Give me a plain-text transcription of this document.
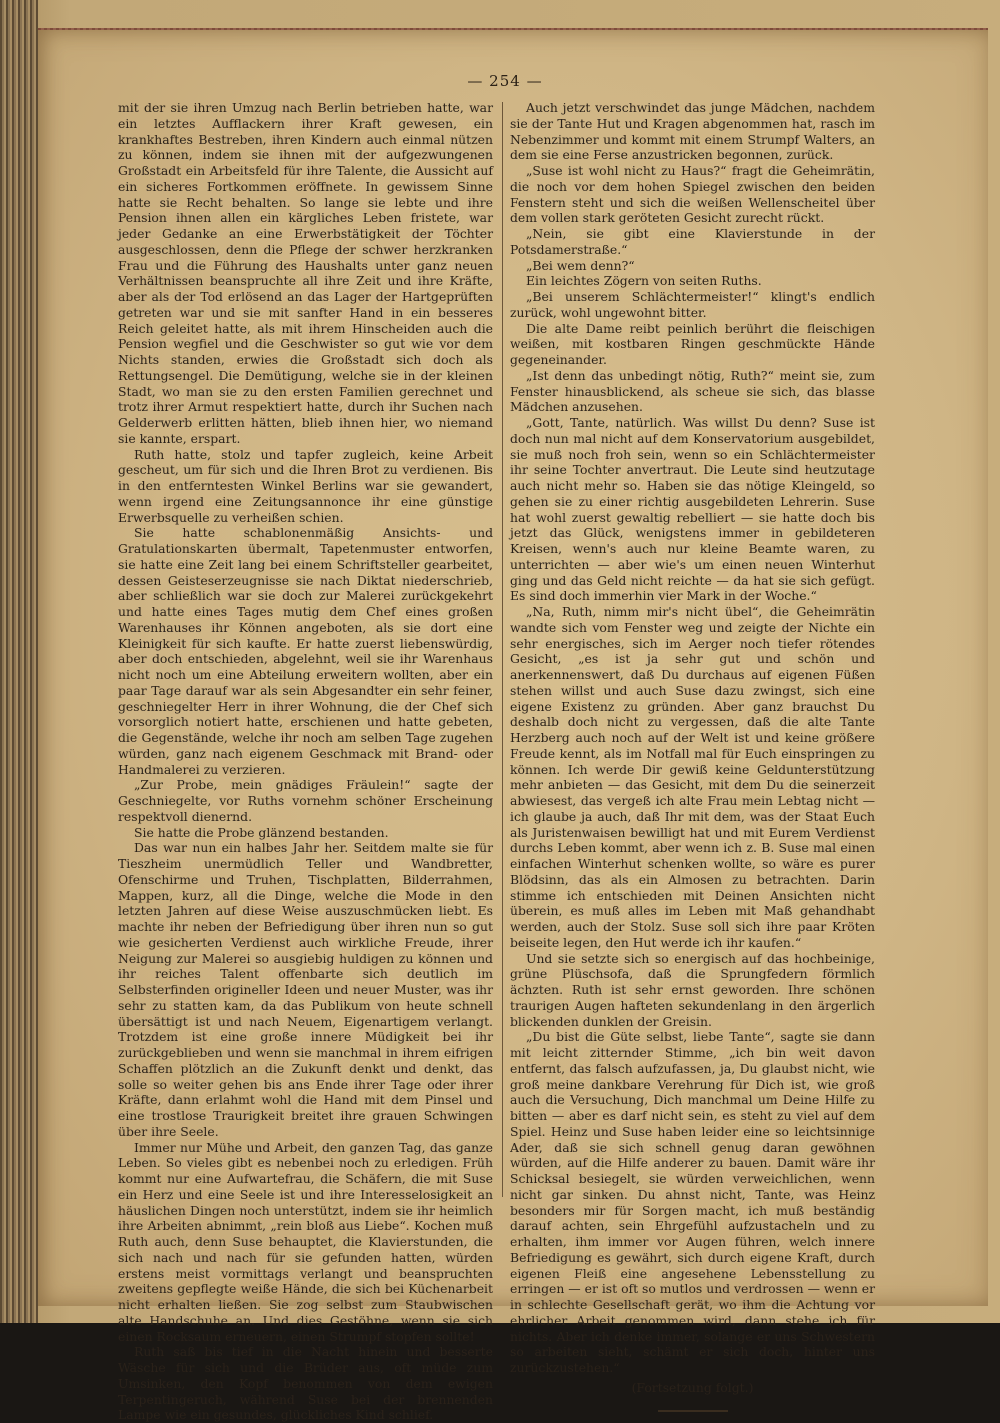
— 254 —

mit der sie ihren Umzug nach Berlin betrieben hatte, war ein letztes Aufflackern ihrer Kraft gewesen, ein krankhaftes Bestreben, ihren Kindern auch einmal nützen zu können, indem sie ihnen mit der aufgezwungenen Großstadt ein Arbeitsfeld für ihre Talente, die Aussicht auf ein sicheres Fortkommen eröffnete. In gewissem Sinne hatte sie Recht behalten. So lange sie lebte und ihre Pension ihnen allen ein kärgliches Leben fristete, war jeder Gedanke an eine Erwerbstätigkeit der Töchter ausgeschlossen, denn die Pflege der schwer herzkranken Frau und die Führung des Haushalts unter ganz neuen Verhältnissen beanspruchte all ihre Zeit und ihre Kräfte, aber als der Tod erlösend an das Lager der Hartgeprüften getreten war und sie mit sanfter Hand in ein besseres Reich geleitet hatte, als mit ihrem Hinscheiden auch die Pension wegfiel und die Geschwister so gut wie vor dem Nichts standen, erwies die Großstadt sich doch als Rettungsengel. Die Demütigung, welche sie in der kleinen Stadt, wo man sie zu den ersten Familien gerechnet und trotz ihrer Armut respektiert hatte, durch ihr Suchen nach Gelderwerb erlitten hätten, blieb ihnen hier, wo niemand sie kannte, erspart.

Ruth hatte, stolz und tapfer zugleich, keine Arbeit gescheut, um für sich und die Ihren Brot zu verdienen. Bis in den entferntesten Winkel Berlins war sie gewandert, wenn irgend eine Zeitungsannonce ihr eine günstige Erwerbsquelle zu verheißen schien.

Sie hatte schablonenmäßig Ansichts- und Gratulationskarten übermalt, Tapetenmuster entworfen, sie hatte eine Zeit lang bei einem Schriftsteller gearbeitet, dessen Geisteserzeugnisse sie nach Diktat niederschrieb, aber schließlich war sie doch zur Malerei zurückgekehrt und hatte eines Tages mutig dem Chef eines großen Warenhauses ihr Können angeboten, als sie dort eine Kleinigkeit für sich kaufte. Er hatte zuerst liebenswürdig, aber doch entschieden, abgelehnt, weil sie ihr Warenhaus nicht noch um eine Abteilung erweitern wollten, aber ein paar Tage darauf war als sein Abgesandter ein sehr feiner, geschniegelter Herr in ihrer Wohnung, die der Chef sich vorsorglich notiert hatte, erschienen und hatte gebeten, die Gegenstände, welche ihr noch am selben Tage zugehen würden, ganz nach eigenem Geschmack mit Brand- oder Handmalerei zu verzieren.

„Zur Probe, mein gnädiges Fräulein!“ sagte der Geschniegelte, vor Ruths vornehm schöner Erscheinung respektvoll dienernd.

Sie hatte die Probe glänzend bestanden.

Das war nun ein halbes Jahr her. Seitdem malte sie für Tieszheim unermüdlich Teller und Wandbretter, Ofenschirme und Truhen, Tischplatten, Bilderrahmen, Mappen, kurz, all die Dinge, welche die Mode in den letzten Jahren auf diese Weise auszuschmücken liebt. Es machte ihr neben der Befriedigung über ihren nun so gut wie gesicherten Verdienst auch wirkliche Freude, ihrer Neigung zur Malerei so ausgiebig huldigen zu können und ihr reiches Talent offenbarte sich deutlich im Selbsterfinden origineller Ideen und neuer Muster, was ihr sehr zu statten kam, da das Publikum von heute schnell übersättigt ist und nach Neuem, Eigenartigem verlangt. Trotzdem ist eine große innere Müdigkeit bei ihr zurückgeblieben und wenn sie manchmal in ihrem eifrigen Schaffen plötzlich an die Zukunft denkt und denkt, das solle so weiter gehen bis ans Ende ihrer Tage oder ihrer Kräfte, dann erlahmt wohl die Hand mit dem Pinsel und eine trostlose Traurigkeit breitet ihre grauen Schwingen über ihre Seele.

Immer nur Mühe und Arbeit, den ganzen Tag, das ganze Leben. So vieles gibt es nebenbei noch zu erledigen. Früh kommt nur eine Aufwartefrau, die Schäfern, die mit Suse ein Herz und eine Seele ist und ihre Interesselosigkeit an häuslichen Dingen noch unterstützt, indem sie ihr heimlich ihre Arbeiten abnimmt, „rein bloß aus Liebe“. Kochen muß Ruth auch, denn Suse behauptet, die Klavierstunden, die sich nach und nach für sie gefunden hatten, würden erstens meist vormittags verlangt und beanspruchten zweitens gepflegte weiße Hände, die sich bei Küchenarbeit nicht erhalten ließen. Sie zog selbst zum Staubwischen alte Handschuhe an. Und dies Gestöhne, wenn sie sich einen Rocksaum erneuern, einen Strumpf stopfen sollte!

Ruth saß bis tief in die Nacht hinein und besserte Wäsche für sich und die Brüder aus, oft müde zum Umsinken, den Kopf benommen von dem ewigen Terpentingeruch, während Suse bei der brennenden Lampe wie ein gesundes, glückliches Kind schlief.

Auch jetzt verschwindet das junge Mädchen, nachdem sie der Tante Hut und Kragen abgenommen hat, rasch im Nebenzimmer und kommt mit einem Strumpf Walters, an dem sie eine Ferse anzustricken begonnen, zurück.

„Suse ist wohl nicht zu Haus?“ fragt die Geheimrätin, die noch vor dem hohen Spiegel zwischen den beiden Fenstern steht und sich die weißen Wellenscheitel über dem vollen stark geröteten Gesicht zurecht rückt.

„Nein, sie gibt eine Klavierstunde in der Potsdamerstraße.“

„Bei wem denn?“

Ein leichtes Zögern von seiten Ruths.

„Bei unserem Schlächtermeister!“ klingt's endlich zurück, wohl ungewohnt bitter.

Die alte Dame reibt peinlich berührt die fleischigen weißen, mit kostbaren Ringen geschmückte Hände gegeneinander.

„Ist denn das unbedingt nötig, Ruth?“ meint sie, zum Fenster hinausblickend, als scheue sie sich, das blasse Mädchen anzusehen.

„Gott, Tante, natürlich. Was willst Du denn? Suse ist doch nun mal nicht auf dem Konservatorium ausgebildet, sie muß noch froh sein, wenn so ein Schlächtermeister ihr seine Tochter anvertraut. Die Leute sind heutzutage auch nicht mehr so. Haben sie das nötige Kleingeld, so gehen sie zu einer richtig ausgebildeten Lehrerin. Suse hat wohl zuerst gewaltig rebelliert — sie hatte doch bis jetzt das Glück, wenigstens immer in gebildeteren Kreisen, wenn's auch nur kleine Beamte waren, zu unterrichten — aber wie's um einen neuen Winterhut ging und das Geld nicht reichte — da hat sie sich gefügt. Es sind doch immerhin vier Mark in der Woche.“

„Na, Ruth, nimm mir's nicht übel“, die Geheimrätin wandte sich vom Fenster weg und zeigte der Nichte ein sehr energisches, sich im Aerger noch tiefer rötendes Gesicht, „es ist ja sehr gut und schön und anerkennenswert, daß Du durchaus auf eigenen Füßen stehen willst und auch Suse dazu zwingst, sich eine eigene Existenz zu gründen. Aber ganz brauchst Du deshalb doch nicht zu vergessen, daß die alte Tante Herzberg auch noch auf der Welt ist und keine größere Freude kennt, als im Notfall mal für Euch einspringen zu können. Ich werde Dir gewiß keine Geldunterstützung mehr anbieten — das Gesicht, mit dem Du die seinerzeit abwiesest, das vergeß ich alte Frau mein Lebtag nicht — ich glaube ja auch, daß Ihr mit dem, was der Staat Euch als Juristenwaisen bewilligt hat und mit Eurem Verdienst durchs Leben kommt, aber wenn ich z. B. Suse mal einen einfachen Winterhut schenken wollte, so wäre es purer Blödsinn, das als ein Almosen zu betrachten. Darin stimme ich entschieden mit Deinen Ansichten nicht überein, es muß alles im Leben mit Maß gehandhabt werden, auch der Stolz. Suse soll sich ihre paar Kröten beiseite legen, den Hut werde ich ihr kaufen.“

Und sie setzte sich so energisch auf das hochbeinige, grüne Plüschsofa, daß die Sprungfedern förmlich ächzten. Ruth ist sehr ernst geworden. Ihre schönen traurigen Augen hafteten sekundenlang in den ärgerlich blickenden dunklen der Greisin.

„Du bist die Güte selbst, liebe Tante“, sagte sie dann mit leicht zitternder Stimme, „ich bin weit davon entfernt, das falsch aufzufassen, ja, Du glaubst nicht, wie groß meine dankbare Verehrung für Dich ist, wie groß auch die Versuchung, Dich manchmal um Deine Hilfe zu bitten — aber es darf nicht sein, es steht zu viel auf dem Spiel. Heinz und Suse haben leider eine so leichtsinnige Ader, daß sie sich schnell genug daran gewöhnen würden, auf die Hilfe anderer zu bauen. Damit wäre ihr Schicksal besiegelt, sie würden verweichlichen, wenn nicht gar sinken. Du ahnst nicht, Tante, was Heinz besonders mir für Sorgen macht, ich muß beständig darauf achten, sein Ehrgefühl aufzustacheln und zu erhalten, ihm immer vor Augen führen, welch innere Befriedigung es gewährt, sich durch eigene Kraft, durch eigenen Fleiß eine angesehene Lebensstellung zu erringen — er ist oft so mutlos und verdrossen — wenn er in schlechte Gesellschaft gerät, wo ihm die Achtung vor ehrlicher Arbeit genommen wird, dann stehe ich für nichts. Aber ich denke immer, solange er uns Schwestern so arbeiten sieht, schämt er sich doch, hinter uns zurückzustehen.“

(Fortsetzung folgt.)
